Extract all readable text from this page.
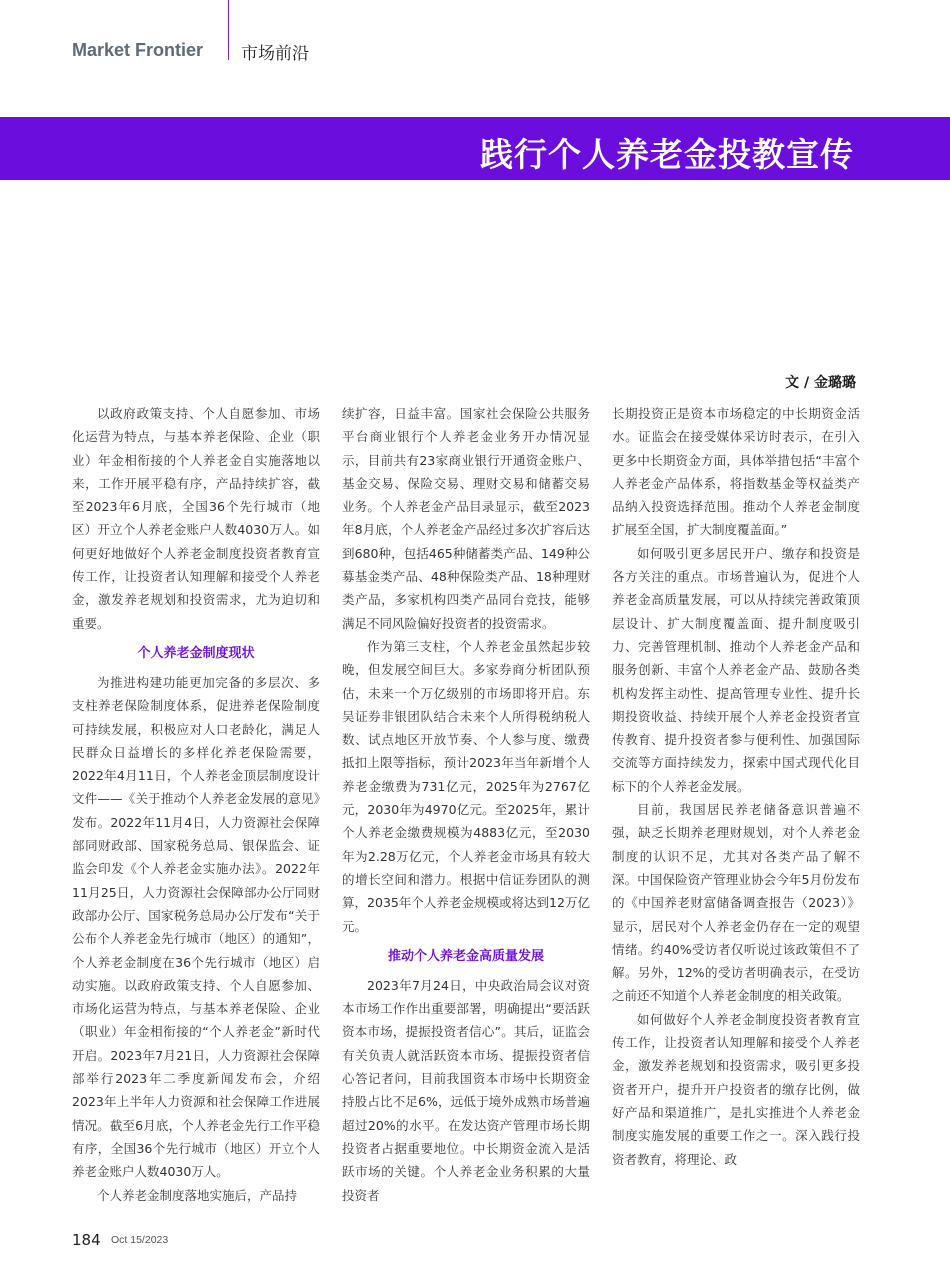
Market Frontier 市场前沿
践行个人养老金投教宣传
文 / 金璐璐

以政府政策支持、个人自愿参加、市场化运营为特点，与基本养老保险、企业（职业）年金相衔接的个人养老金自实施落地以来，工作开展平稳有序，产品持续扩容，截至2023年6月底，全国36个先行城市（地区）开立个人养老金账户人数4030万人。如何更好地做好个人养老金制度投资者教育宣传工作，让投资者认知理解和接受个人养老金，激发养老规划和投资需求，尤为迫切和重要。

个人养老金制度现状

为推进构建功能更加完备的多层次、多支柱养老保险制度体系，促进养老保险制度可持续发展，积极应对人口老龄化，满足人民群众日益增长的多样化养老保险需要，2022年4月11日，个人养老金顶层制度设计文件——《关于推动个人养老金发展的意见》发布。2022年11月4日，人力资源社会保障部同财政部、国家税务总局、银保监会、证监会印发《个人养老金实施办法》。2022年11月25日，人力资源社会保障部办公厅同财政部办公厅、国家税务总局办公厅发布“关于公布个人养老金先行城市（地区）的通知”，个人养老金制度在36个先行城市（地区）启动实施。以政府政策支持、个人自愿参加、市场化运营为特点，与基本养老保险、企业（职业）年金相衔接的“个人养老金”新时代开启。2023年7月21日，人力资源社会保障部举行2023年二季度新闻发布会，介绍2023年上半年人力资源和社会保障工作进展情况。截至6月底，个人养老金先行工作平稳有序，全国36个先行城市（地区）开立个人养老金账户人数4030万人。

个人养老金制度落地实施后，产品持

续扩容，日益丰富。国家社会保险公共服务平台商业银行个人养老金业务开办情况显示，目前共有23家商业银行开通资金账户、基金交易、保险交易、理财交易和储蓄交易业务。个人养老金产品目录显示，截至2023年8月底，个人养老金产品经过多次扩容后达到680种，包括465种储蓄类产品、149种公募基金类产品、48种保险类产品、18种理财类产品，多家机构四类产品同台竞技，能够满足不同风险偏好投资者的投资需求。

作为第三支柱，个人养老金虽然起步较晚，但发展空间巨大。多家券商分析团队预估，未来一个万亿级别的市场即将开启。东吴证券非银团队结合未来个人所得税纳税人数、试点地区开放节奏、个人参与度、缴费抵扣上限等指标，预计2023年当年新增个人养老金缴费为731亿元，2025年为2767亿元，2030年为4970亿元。至2025年，累计个人养老金缴费规模为4883亿元，至2030年为2.28万亿元，个人养老金市场具有较大的增长空间和潜力。根据中信证券团队的测算，2035年个人养老金规模或将达到12万亿元。

推动个人养老金高质量发展

2023年7月24日，中央政治局会议对资本市场工作作出重要部署，明确提出“要活跃资本市场，提振投资者信心”。其后，证监会有关负责人就活跃资本市场、提振投资者信心答记者问，目前我国资本市场中长期资金持股占比不足6%，远低于境外成熟市场普遍超过20%的水平。在发达资产管理市场长期投资者占据重要地位。中长期资金流入是活跃市场的关键。个人养老金业务积累的大量投资者

长期投资正是资本市场稳定的中长期资金活水。证监会在接受媒体采访时表示，在引入更多中长期资金方面，具体举措包括“丰富个人养老金产品体系，将指数基金等权益类产品纳入投资选择范围。推动个人养老金制度扩展至全国，扩大制度覆盖面。”

如何吸引更多居民开户、缴存和投资是各方关注的重点。市场普遍认为，促进个人养老金高质量发展，可以从持续完善政策顶层设计、扩大制度覆盖面、提升制度吸引力、完善管理机制、推动个人养老金产品和服务创新、丰富个人养老金产品、鼓励各类机构发挥主动性、提高管理专业性、提升长期投资收益、持续开展个人养老金投资者宣传教育、提升投资者参与便利性、加强国际交流等方面持续发力，探索中国式现代化目标下的个人养老金发展。

目前，我国居民养老储备意识普遍不强，缺乏长期养老理财规划，对个人养老金制度的认识不足，尤其对各类产品了解不深。中国保险资产管理业协会今年5月份发布的《中国养老财富储备调查报告（2023）》显示，居民对个人养老金仍存在一定的观望情绪。约40%受访者仅听说过该政策但不了解。另外，12%的受访者明确表示，在受访之前还不知道个人养老金制度的相关政策。

如何做好个人养老金制度投资者教育宣传工作，让投资者认知理解和接受个人养老金，激发养老规划和投资需求，吸引更多投资者开户，提升开户投资者的缴存比例，做好产品和渠道推广，是扎实推进个人养老金制度实施发展的重要工作之一。深入践行投资者教育，将理论、政

184 Oct 15/2023
